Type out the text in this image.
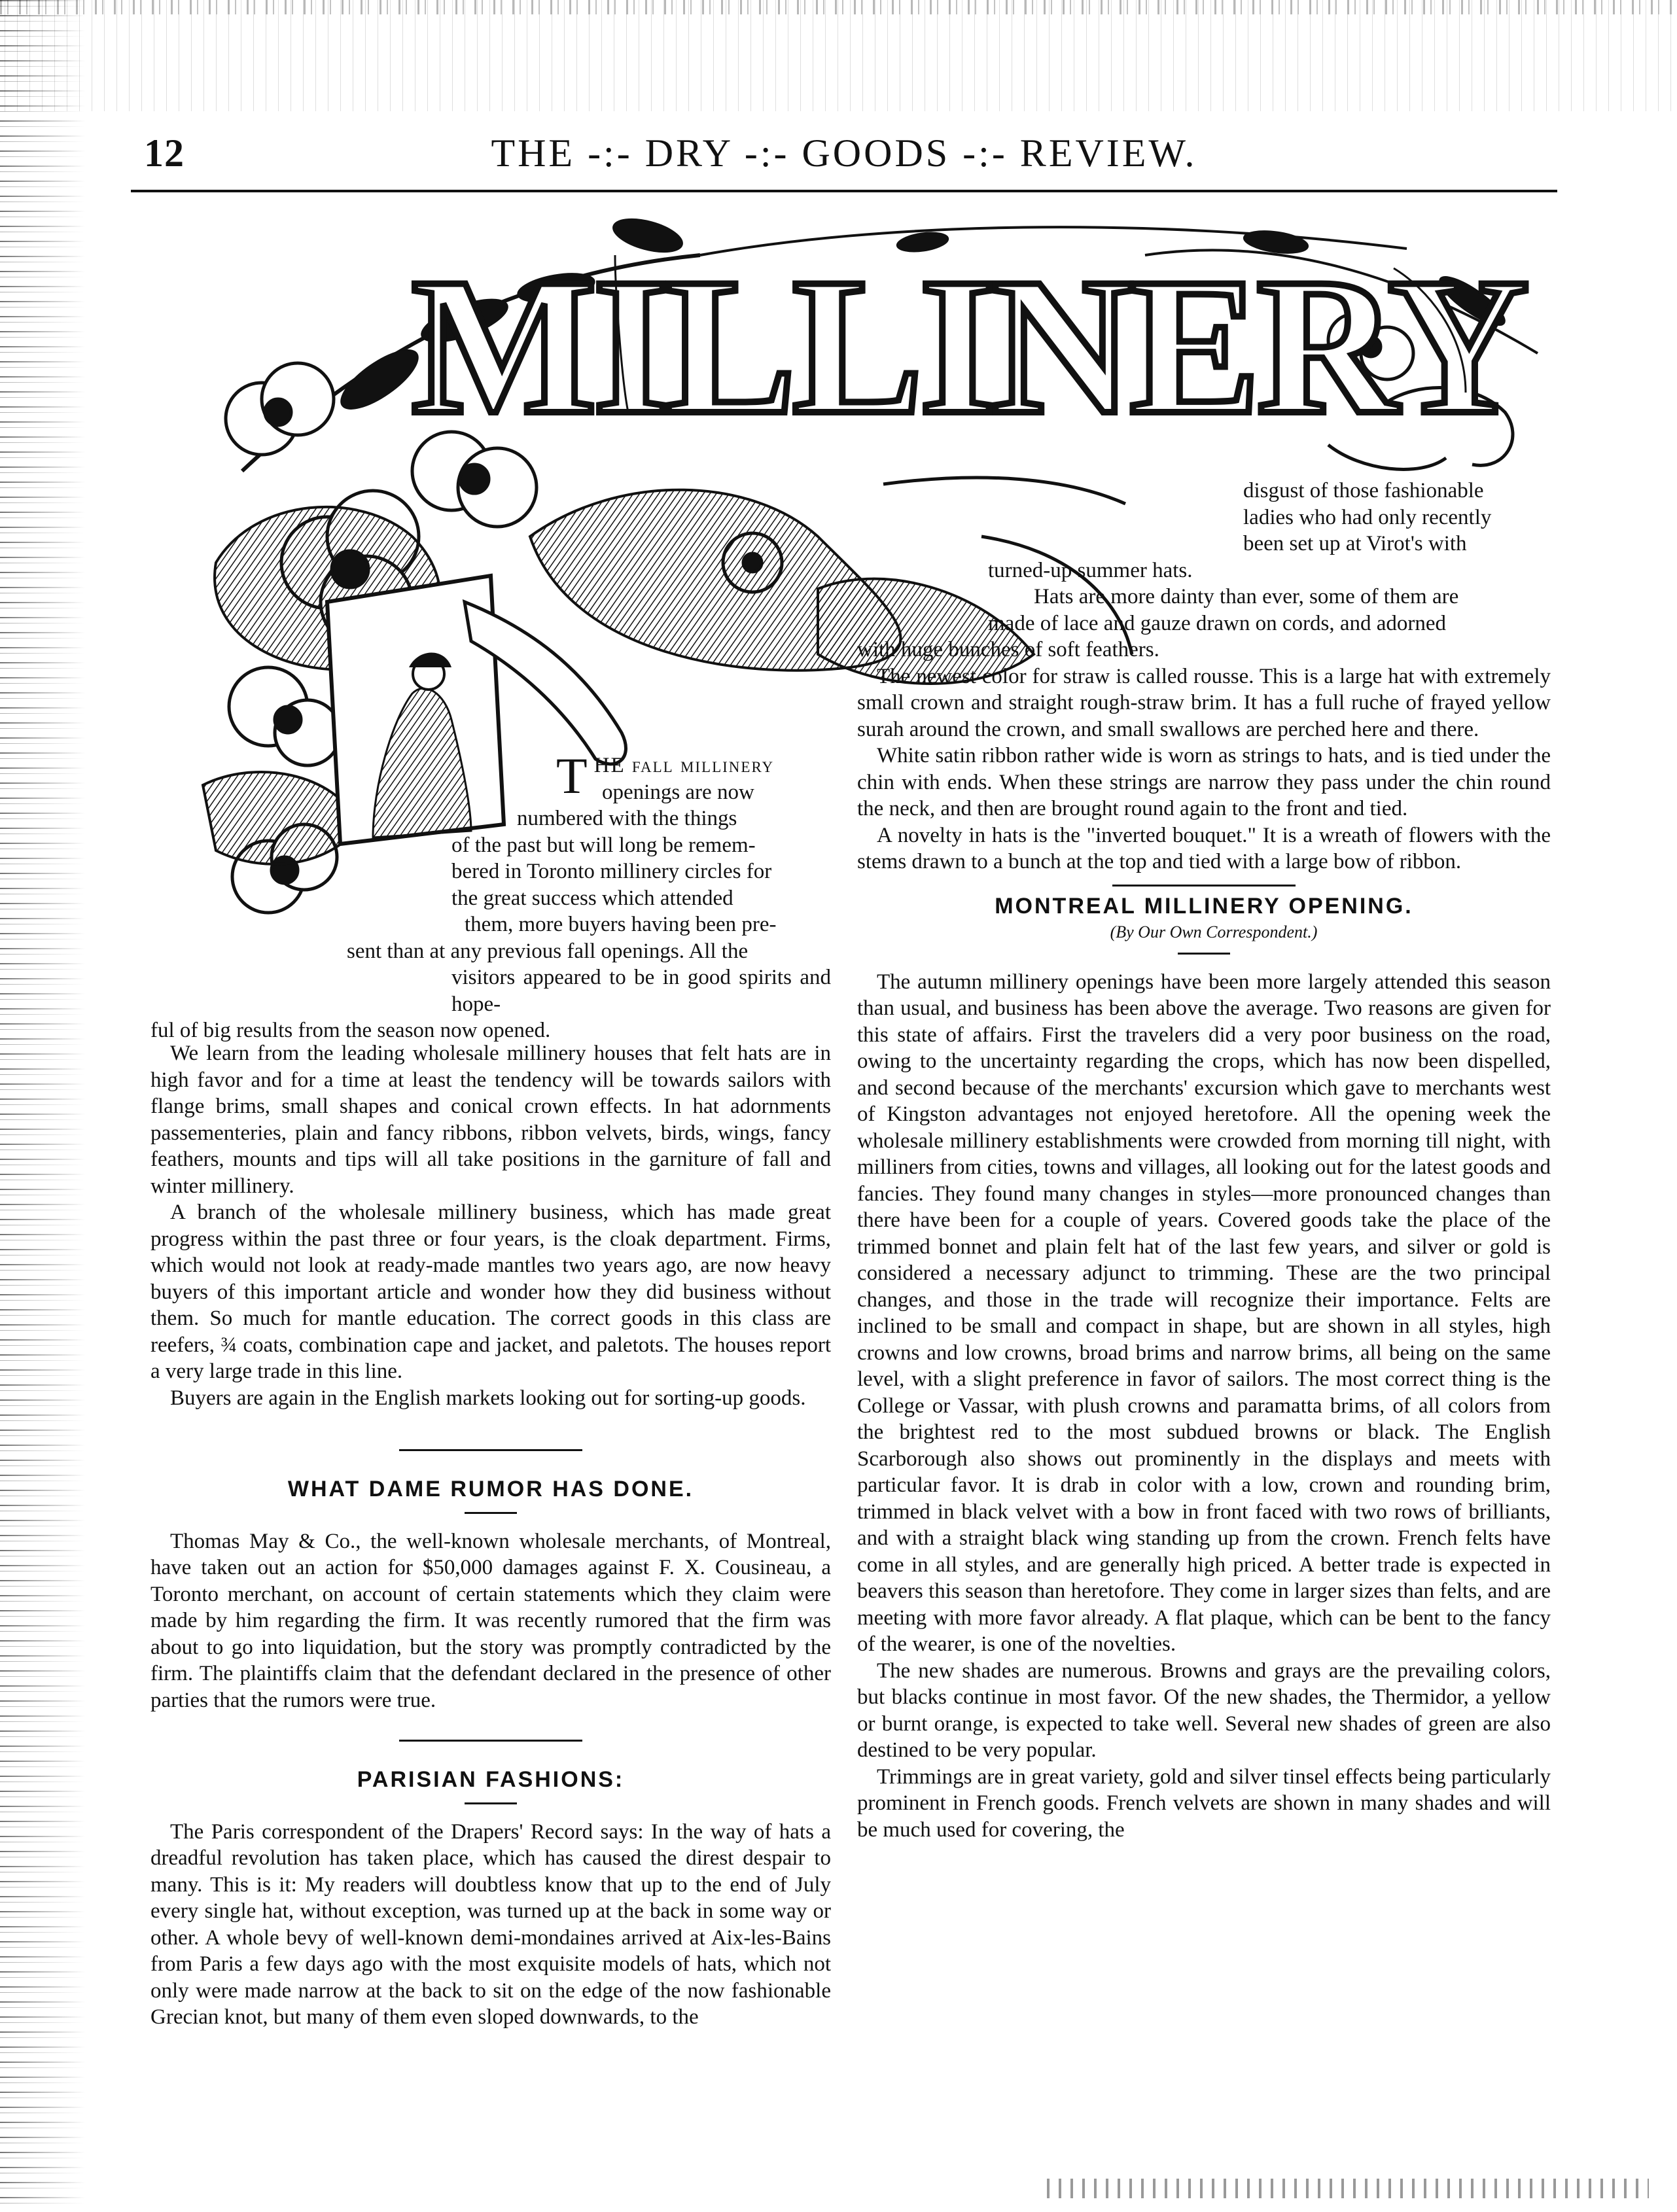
12	THE -:- DRY -:- GOODS -:- REVIEW.
MILLINERY
THE fall millinery
openings are now
numbered with the things
of the past but will long be remem-
bered in Toronto millinery circles for
the great success which attended
them, more buyers having been pre-
sent than at any previous fall openings. All the
visitors appeared to be in good spirits and hope-
ful of big results from the season now opened.

We learn from the leading wholesale millinery houses that felt hats are in high favor and for a time at least the tendency will be towards sailors with flange brims, small shapes and conical crown effects. In hat adornments passementeries, plain and fancy ribbons, ribbon velvets, birds, wings, fancy feathers, mounts and tips will all take positions in the garniture of fall and winter millinery.

A branch of the wholesale millinery business, which has made great progress within the past three or four years, is the cloak department. Firms, which would not look at ready-made mantles two years ago, are now heavy buyers of this important article and wonder how they did business without them. So much for mantle education. The correct goods in this class are reefers, ¾ coats, combination cape and jacket, and paletots. The houses report a very large trade in this line.

Buyers are again in the English markets looking out for sorting-up goods.

WHAT DAME RUMOR HAS DONE.

Thomas May & Co., the well-known wholesale merchants, of Montreal, have taken out an action for $50,000 damages against F. X. Cousineau, a Toronto merchant, on account of certain statements which they claim were made by him regarding the firm. It was recently rumored that the firm was about to go into liquidation, but the story was promptly contradicted by the firm. The plaintiffs claim that the defendant declared in the presence of other parties that the rumors were true.

PARISIAN FASHIONS:

The Paris correspondent of the Drapers' Record says: In the way of hats a dreadful revolution has taken place, which has caused the direst despair to many. This is it: My readers will doubtless know that up to the end of July every single hat, without exception, was turned up at the back in some way or other. A whole bevy of well-known demi-mondaines arrived at Aix-les-Bains from Paris a few days ago with the most exquisite models of hats, which not only were made narrow at the back to sit on the edge of the now fashionable Grecian knot, but many of them even sloped downwards, to the

disgust of those fashionable
ladies who had only recently
been set up at Virot's with
turned-up summer hats.
Hats are more dainty than ever, some of them are
made of lace and gauze drawn on cords, and adorned
with huge bunches of soft feathers.

The newest color for straw is called rousse. This is a large hat with extremely small crown and straight rough-straw brim. It has a full ruche of frayed yellow surah around the crown, and small swallows are perched here and there.

White satin ribbon rather wide is worn as strings to hats, and is tied under the chin with ends. When these strings are narrow they pass under the chin round the neck, and then are brought round again to the front and tied.

A novelty in hats is the "inverted bouquet." It is a wreath of flowers with the stems drawn to a bunch at the top and tied with a large bow of ribbon.

MONTREAL MILLINERY OPENING.

(By Our Own Correspondent.)

The autumn millinery openings have been more largely attended this season than usual, and business has been above the average. Two reasons are given for this state of affairs. First the travelers did a very poor business on the road, owing to the uncertainty regarding the crops, which has now been dispelled, and second because of the merchants' excursion which gave to merchants west of Kingston advantages not enjoyed heretofore. All the opening week the wholesale millinery establishments were crowded from morning till night, with milliners from cities, towns and villages, all looking out for the latest goods and fancies. They found many changes in styles—more pronounced changes than there have been for a couple of years. Covered goods take the place of the trimmed bonnet and plain felt hat of the last few years, and silver or gold is considered a necessary adjunct to trimming. These are the two principal changes, and those in the trade will recognize their importance. Felts are inclined to be small and compact in shape, but are shown in all styles, high crowns and low crowns, broad brims and narrow brims, all being on the same level, with a slight preference in favor of sailors. The most correct thing is the College or Vassar, with plush crowns and paramatta brims, of all colors from the brightest red to the most subdued browns or black. The English Scarborough also shows out prominently in the displays and meets with particular favor. It is drab in color with a low, crown and rounding brim, trimmed in black velvet with a bow in front faced with two rows of brilliants, and with a straight black wing standing up from the crown. French felts have come in all styles, and are generally high priced. A better trade is expected in beavers this season than heretofore. They come in larger sizes than felts, and are meeting with more favor already. A flat plaque, which can be bent to the fancy of the wearer, is one of the novelties.

The new shades are numerous. Browns and grays are the prevailing colors, but blacks continue in most favor. Of the new shades, the Thermidor, a yellow or burnt orange, is expected to take well. Several new shades of green are also destined to be very popular.

Trimmings are in great variety, gold and silver tinsel effects being particularly prominent in French goods. French velvets are shown in many shades and will be much used for covering, the
